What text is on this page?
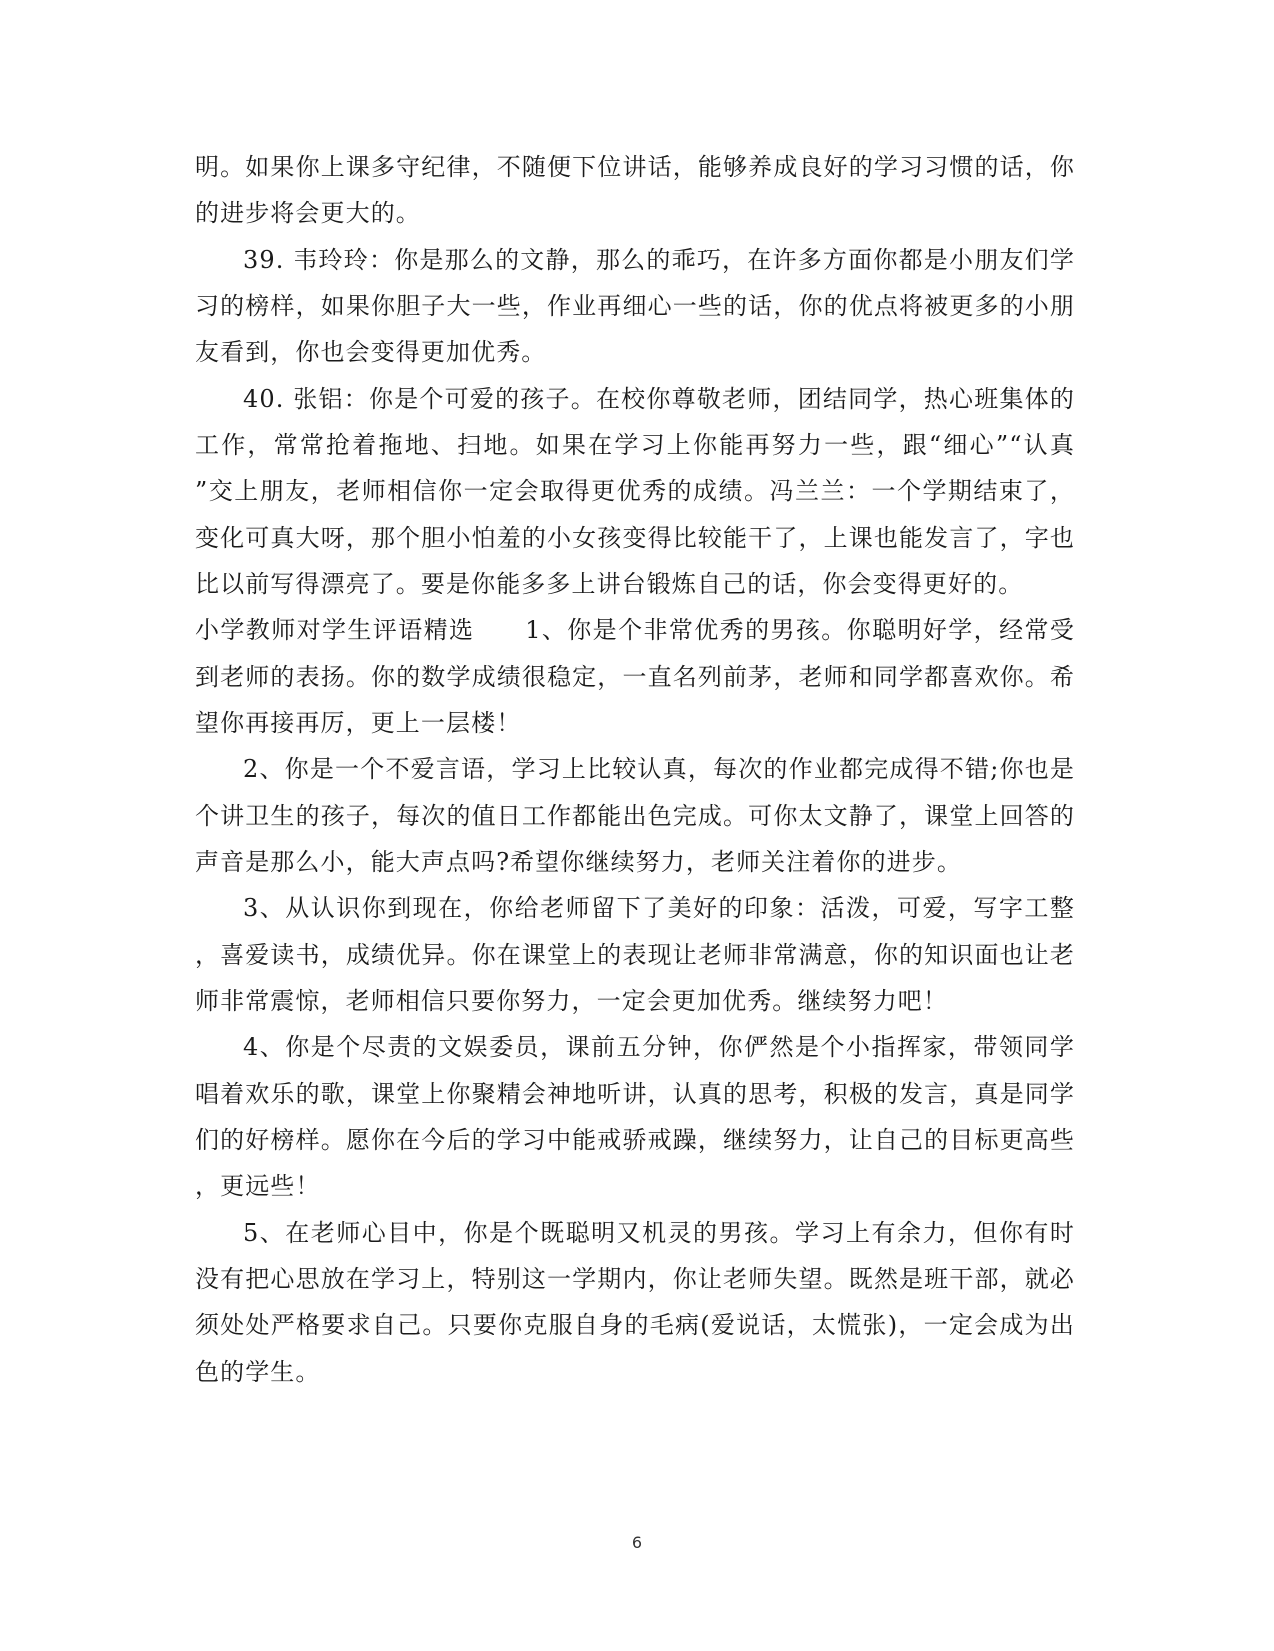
明。如果你上课多守纪律，不随便下位讲话，能够养成良好的学习习惯的话，你
的进步将会更大的。
39. 韦玲玲：你是那么的文静，那么的乖巧，在许多方面你都是小朋友们学
习的榜样，如果你胆子大一些，作业再细心一些的话，你的优点将被更多的小朋
友看到，你也会变得更加优秀。
40. 张铝：你是个可爱的孩子。在校你尊敬老师，团结同学，热心班集体的
工作，常常抢着拖地、扫地。如果在学习上你能再努力一些，跟“细心”“认真
”交上朋友，老师相信你一定会取得更优秀的成绩。冯兰兰：一个学期结束了，
变化可真大呀，那个胆小怕羞的小女孩变得比较能干了，上课也能发言了，字也
比以前写得漂亮了。要是你能多多上讲台锻炼自己的话，你会变得更好的。
小学教师对学生评语精选　　1、你是个非常优秀的男孩。你聪明好学，经常受
到老师的表扬。你的数学成绩很稳定，一直名列前茅，老师和同学都喜欢你。希
望你再接再厉，更上一层楼！
2、你是一个不爱言语，学习上比较认真，每次的作业都完成得不错;你也是
个讲卫生的孩子，每次的值日工作都能出色完成。可你太文静了，课堂上回答的
声音是那么小，能大声点吗?希望你继续努力，老师关注着你的进步。
3、从认识你到现在，你给老师留下了美好的印象：活泼，可爱，写字工整
，喜爱读书，成绩优异。你在课堂上的表现让老师非常满意，你的知识面也让老
师非常震惊，老师相信只要你努力，一定会更加优秀。继续努力吧！
4、你是个尽责的文娱委员，课前五分钟，你俨然是个小指挥家，带领同学
唱着欢乐的歌，课堂上你聚精会神地听讲，认真的思考，积极的发言，真是同学
们的好榜样。愿你在今后的学习中能戒骄戒躁，继续努力，让自己的目标更高些
，更远些！
5、在老师心目中，你是个既聪明又机灵的男孩。学习上有余力，但你有时
没有把心思放在学习上，特别这一学期内，你让老师失望。既然是班干部，就必
须处处严格要求自己。只要你克服自身的毛病(爱说话，太慌张)，一定会成为出
色的学生。
6
